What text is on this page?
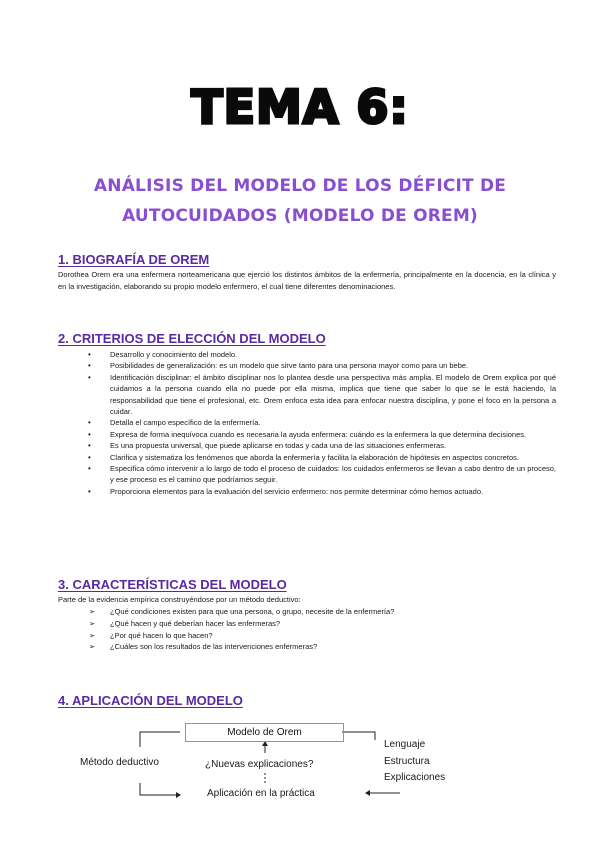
TEMA 6:
ANÁLISIS DEL MODELO DE LOS DÉFICIT DE
AUTOCUIDADOS (MODELO DE OREM)
1. BIOGRAFÍA DE OREM
Dorothea Orem era una enfermera norteamericana que ejerció los distintos ámbitos de la enfermería, principalmente en la docencia, en la clínica y en la investigación, elaborando su propio modelo enfermero, el cual tiene diferentes denominaciones.
2. CRITERIOS DE ELECCIÓN DEL MODELO
• Desarrollo y conocimiento del modelo.
• Posibilidades de generalización: es un modelo que sirve tanto para una persona mayor como para un bebe.
• Identificación disciplinar: el ámbito disciplinar nos lo plantea desde una perspectiva más amplia. El modelo de Orem explica por qué cuidamos a la persona cuando ella no puede por ella misma, implica que tiene que saber lo que se le está haciendo, la responsabilidad que tiene el profesional, etc. Orem enfoca esta idea para enfocar nuestra disciplina, y pone el foco en la persona a cuidar.
• Detalla el campo específico de la enfermería.
• Expresa de forma inequívoca cuando es necesaria la ayuda enfermera: cuándo es la enfermera la que determina decisiones.
• Es una propuesta universal, que puede aplicarse en todas y cada una de las situaciones enfermeras.
• Clarifica y sistematiza los fenómenos que aborda la enfermería y facilita la elaboración de hipótesis en aspectos concretos.
• Especifica cómo intervenir a lo largo de todo el proceso de cuidados: los cuidados enfermeros se llevan a cabo dentro de un proceso, y ese proceso es el camino que podríamos seguir.
• Proporciona elementos para la evaluación del servicio enfermero: nos permite determinar cómo hemos actuado.
3. CARACTERÍSTICAS DEL MODELO
Parte de la evidencia empírica construyéndose por un método deductivo:
➢ ¿Qué condiciones existen para que una persona, o grupo, necesite de la enfermería?
➢ ¿Qué hacen y qué deberían hacer las enfermeras?
➢ ¿Por qué hacen lo que hacen?
➢ ¿Cuáles son los resultados de las intervenciones enfermeras?
4. APLICACIÓN DEL MODELO
Modelo de Orem
Método deductivo	¿Nuevas explicaciones?
Aplicación en la práctica
Lenguaje
Estructura
Explicaciones
